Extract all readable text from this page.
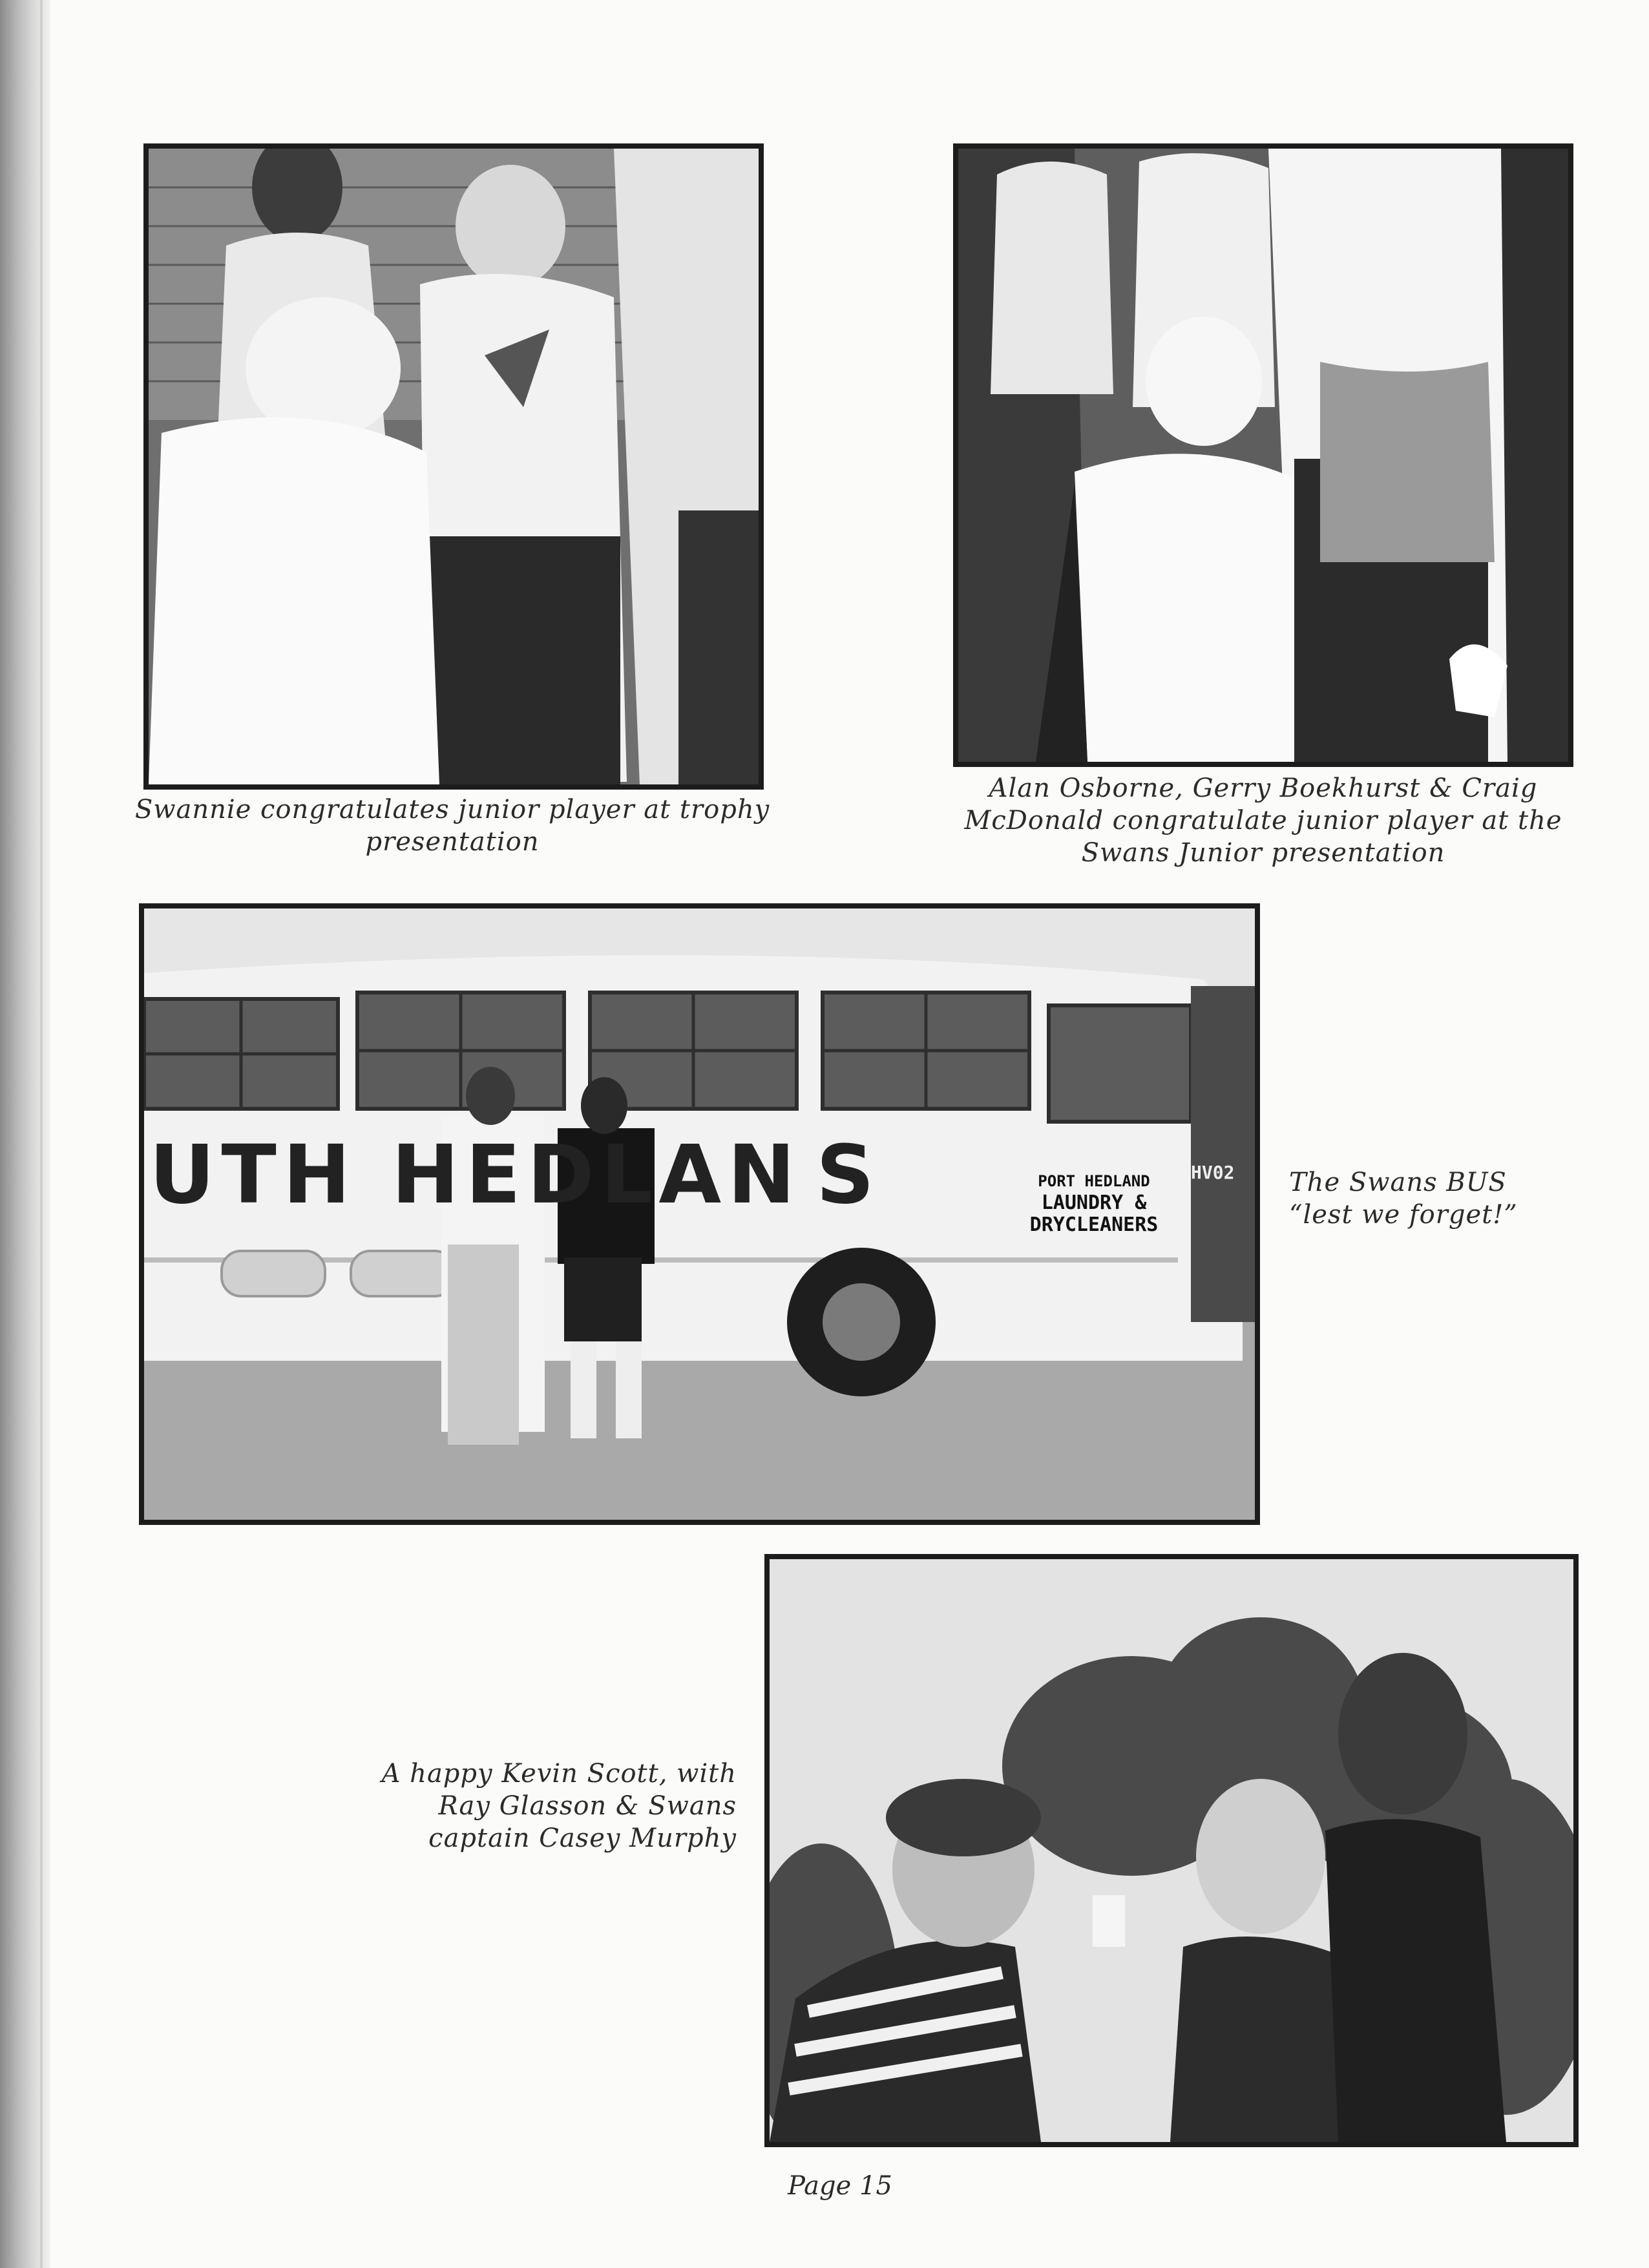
Swannie congratulates junior player at trophy
presentation
Alan Osborne, Gerry Boekhurst & Craig
McDonald congratulate junior player at the
Swans Junior presentation
UTH HEDLAN S	PORT HEDLAND
LAUNDRY &
DRYCLEANERS
HV02 The Swans BUS
“lest we forget!”
A happy Kevin Scott, with
Ray Glasson & Swans
captain Casey Murphy
Page 15
